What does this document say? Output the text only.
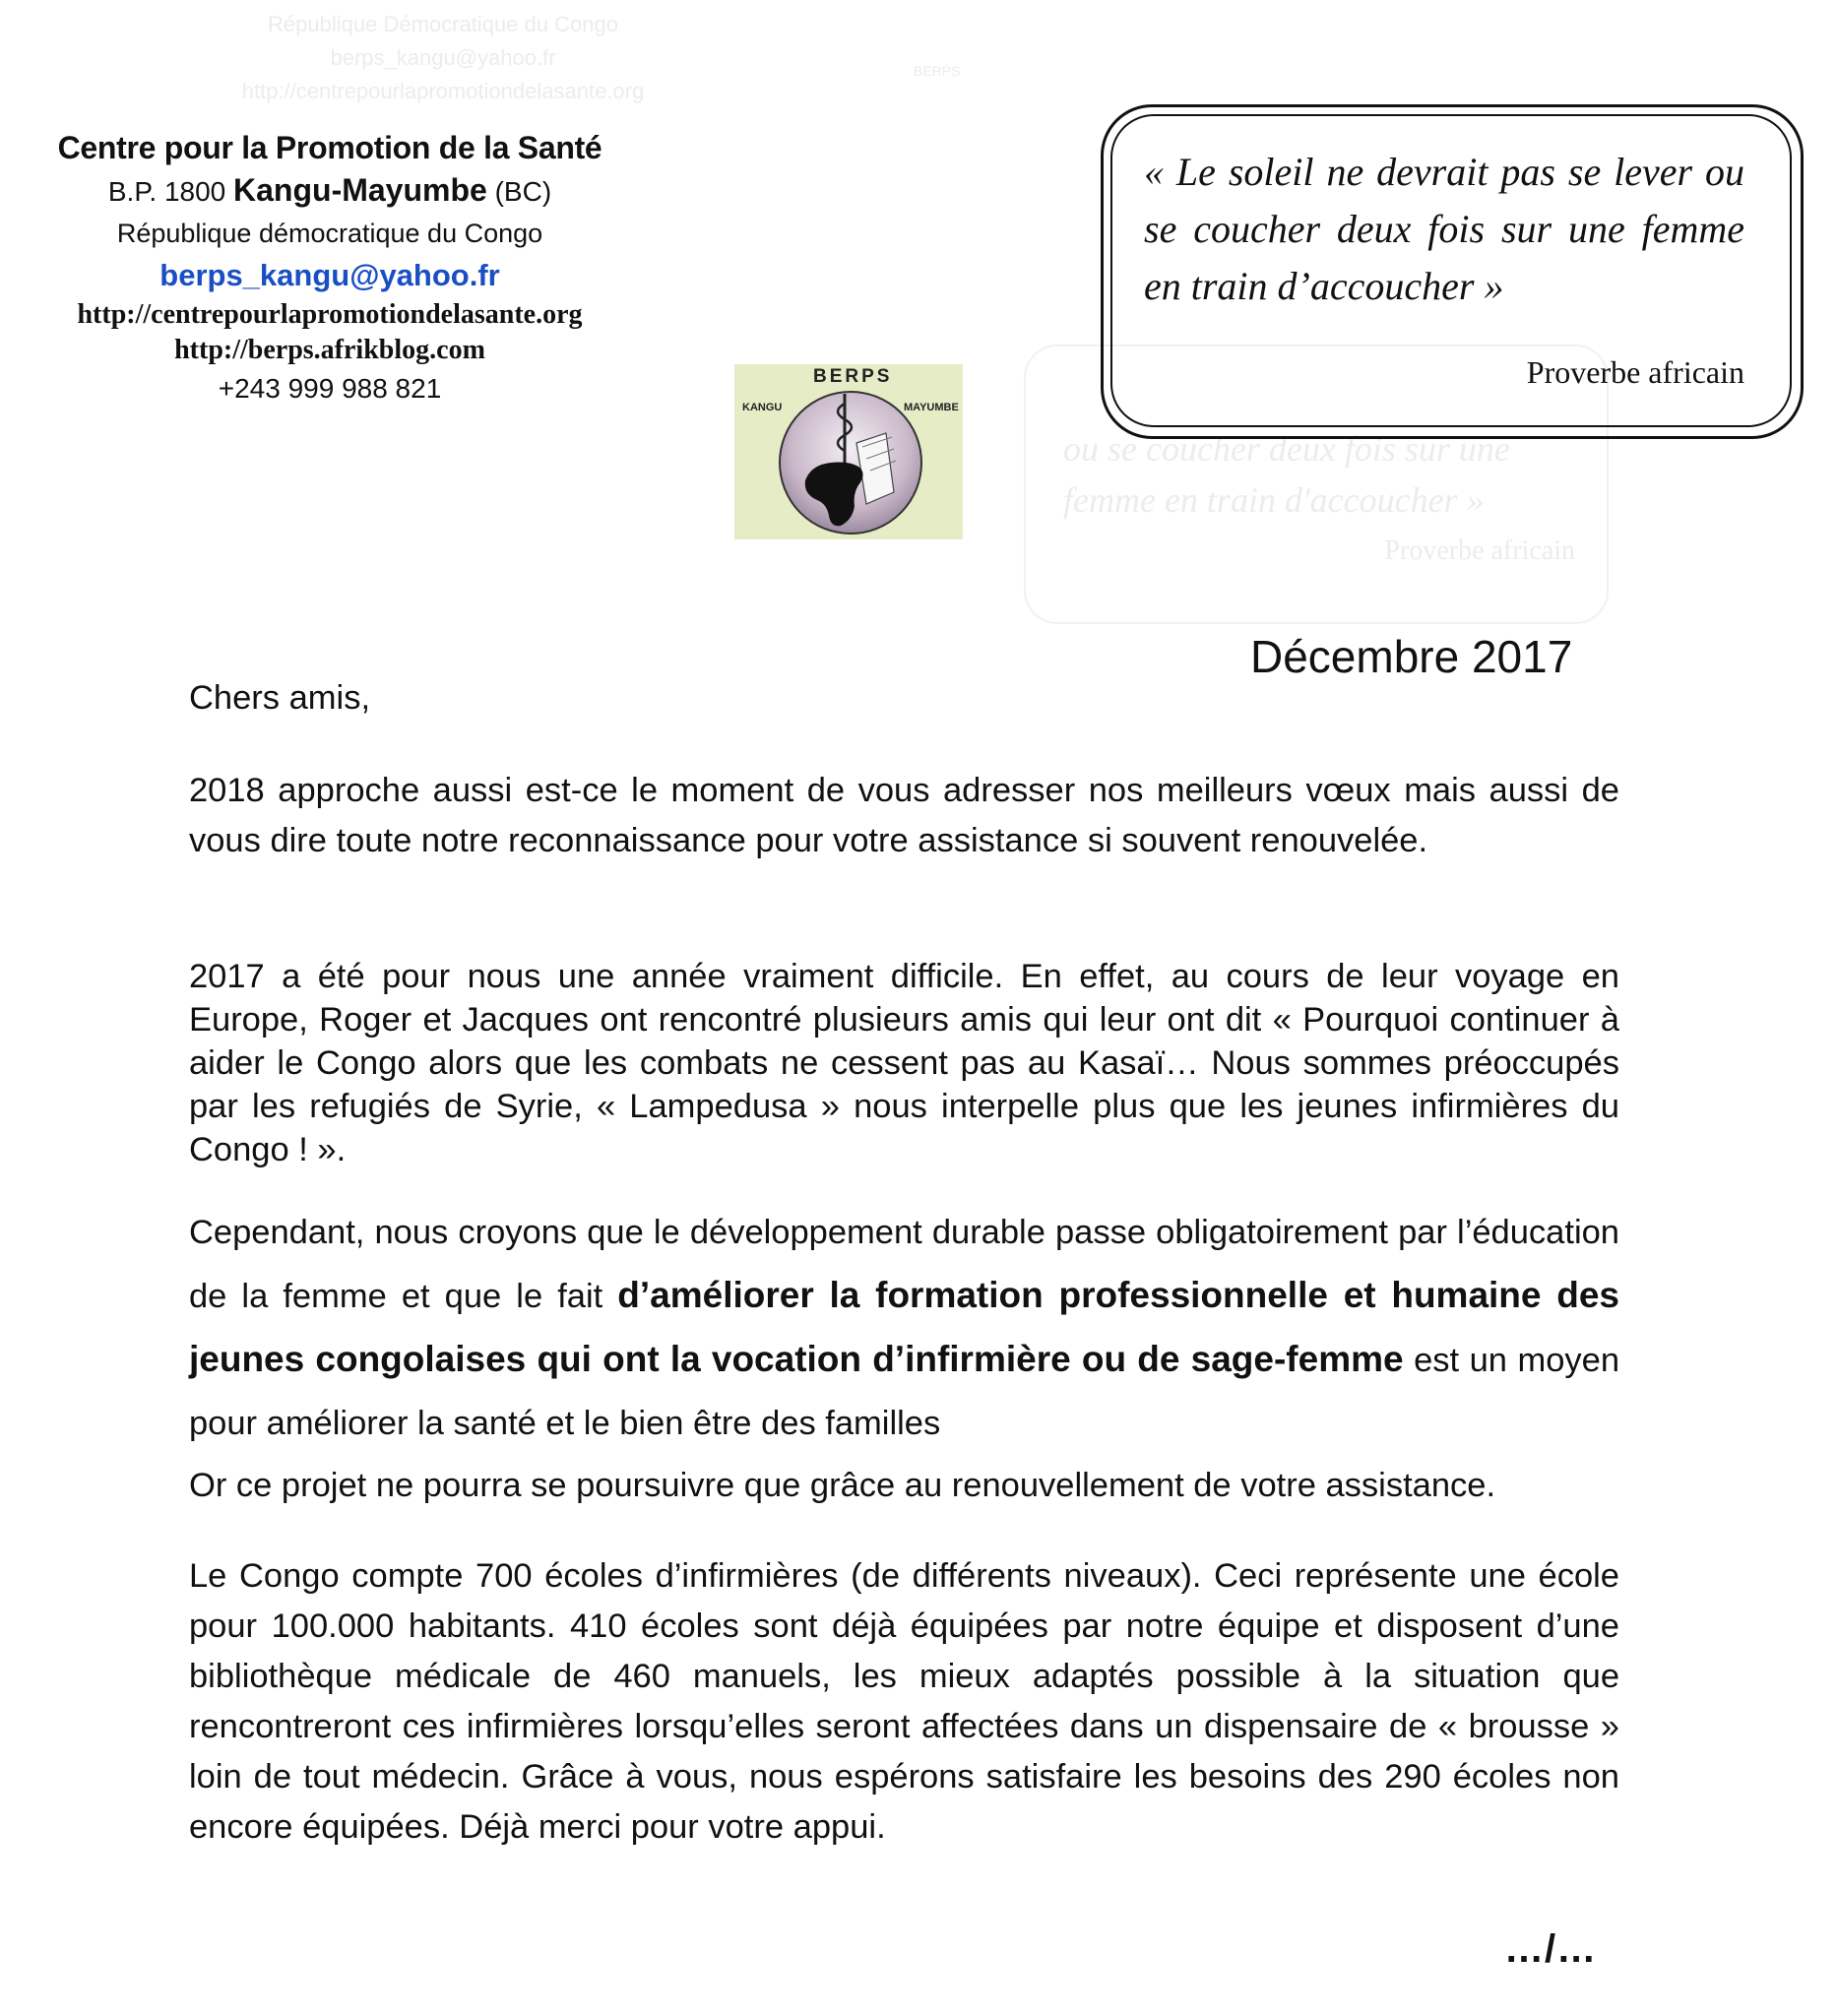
République Démocratique du Congo
berps_kangu@yahoo.fr
http://centrepourlapromotiondelasante.org
BERPS
ou se coucher deux fois sur une
femme en train d'accoucher »
Proverbe africain
Centre pour la Promotion de la Santé
B.P. 1800 Kangu-Mayumbe (BC)
République démocratique du Congo
berps_kangu@yahoo.fr
http://centrepourlapromotiondelasante.org
http://berps.afrikblog.com
+243 999 988 821	BERPS
KANGU	MAYUMBE
« Le soleil ne devrait pas se lever ou se coucher deux fois sur une femme en train d’accoucher »
Proverbe africain
Décembre 2017
Chers amis,
2018 approche aussi est-ce le moment de vous adresser nos meilleurs vœux mais aussi de vous dire toute notre reconnaissance pour votre assistance si souvent renouvelée.
2017 a été pour nous une année vraiment difficile. En effet, au cours de leur voyage en Europe, Roger et Jacques ont rencontré plusieurs amis qui leur ont dit « Pourquoi continuer à aider le Congo alors que les combats ne cessent pas au Kasaï… Nous sommes préoccupés par les refugiés de Syrie, « Lampedusa » nous interpelle plus que les jeunes infirmières du Congo ! ».
Cependant, nous croyons que le développement durable passe obligatoirement par l’éducation de la femme et que le fait d’améliorer la formation professionnelle et humaine des jeunes congolaises qui ont la vocation d’infirmière ou de sage-femme est un moyen pour améliorer la santé et le bien être des familles
Or ce projet ne pourra se poursuivre que grâce au renouvellement de votre assistance.
Le Congo compte 700 écoles d’infirmières (de différents niveaux). Ceci représente une école pour 100.000 habitants. 410 écoles sont déjà équipées par notre équipe et disposent d’une bibliothèque médicale de 460 manuels, les mieux adaptés possible à la situation que rencontreront ces infirmières lorsqu’elles seront affectées dans un dispensaire de « brousse » loin de tout médecin. Grâce à vous, nous espérons satisfaire les besoins des 290 écoles non encore équipées. Déjà merci pour votre appui.
…/…
